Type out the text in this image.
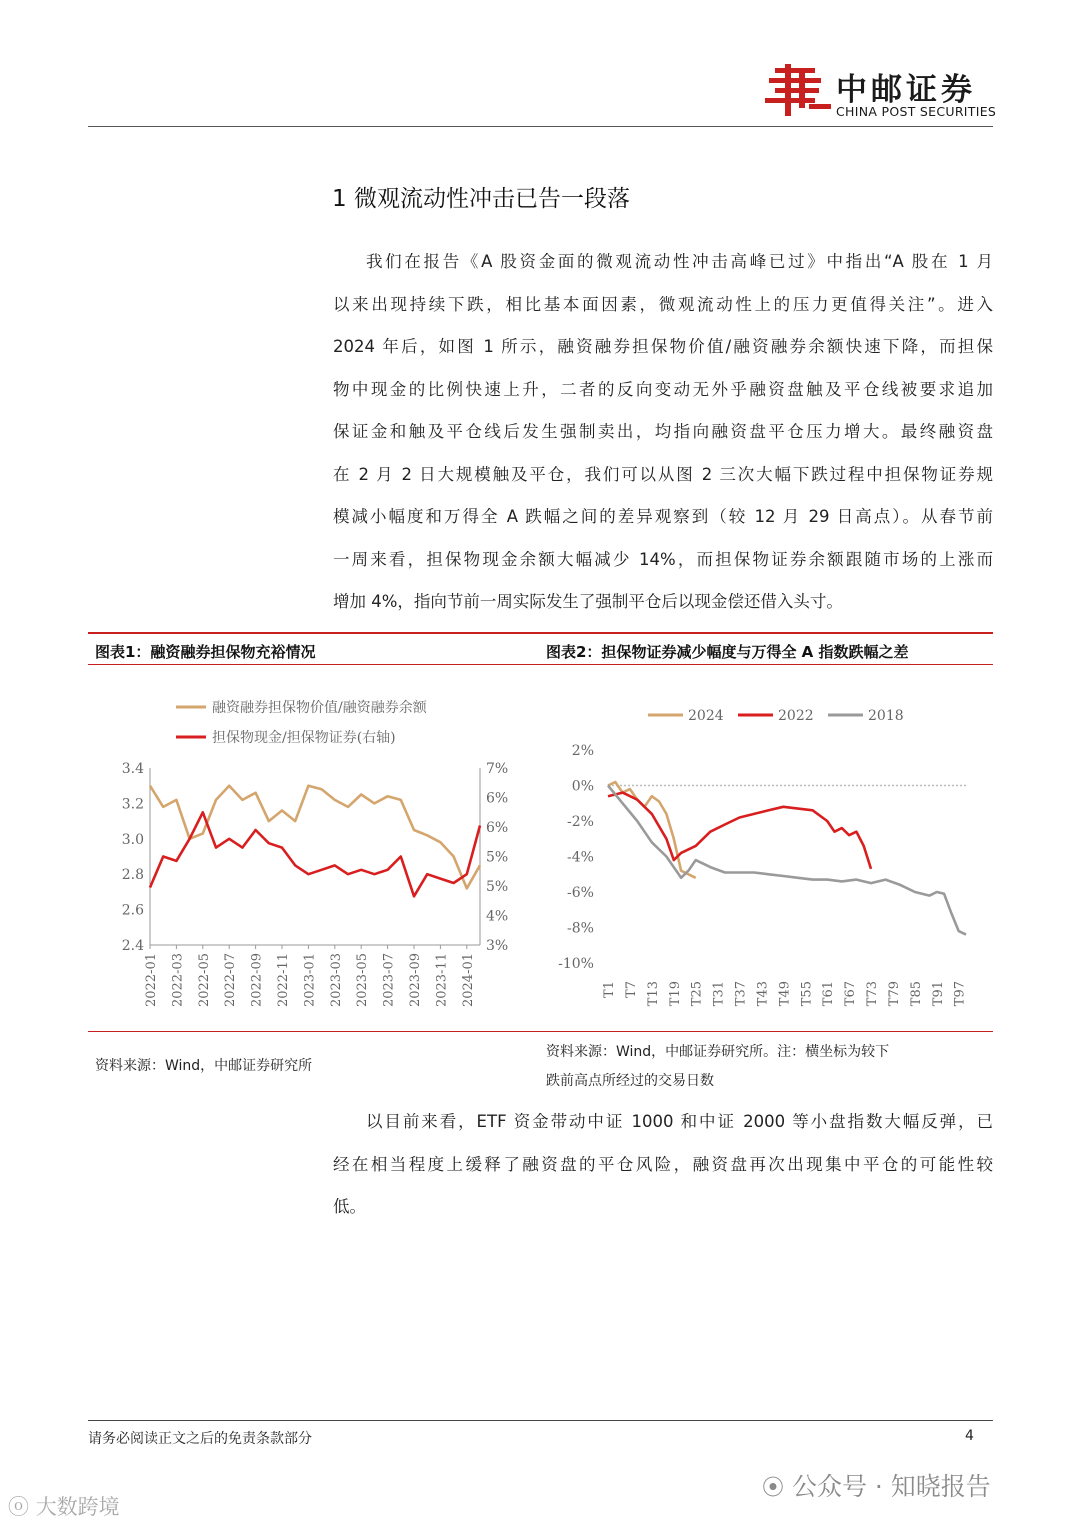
中邮证券
CHINA POST SECURITIES
1 微观流动性冲击已告一段落
我们在报告《A 股资金面的微观流动性冲击高峰已过》中指出“A 股在 1 月
以来出现持续下跌，相比基本面因素，微观流动性上的压力更值得关注”。进入
2024 年后，如图 1 所示，融资融券担保物价值/融资融券余额快速下降，而担保
物中现金的比例快速上升，二者的反向变动无外乎融资盘触及平仓线被要求追加
保证金和触及平仓线后发生强制卖出，均指向融资盘平仓压力增大。最终融资盘
在 2 月 2 日大规模触及平仓，我们可以从图 2 三次大幅下跌过程中担保物证券规
模减小幅度和万得全 A 跌幅之间的差异观察到（较 12 月 29 日高点）。从春节前
一周来看，担保物现金余额大幅减少 14%，而担保物证券余额跟随市场的上涨而
增加 4%，指向节前一周实际发生了强制平仓后以现金偿还借入头寸。
图表1：融资融券担保物充裕情况	图表2：担保物证券减少幅度与万得全 A 指数跌幅之差
融资融券担保物价值/融资融券余额
担保物现金/担保物证券(右轴)
2.4
2.6
2.8
3.0
3.2
3.4
3%
4%
5%
5%
6%
6%
7%
2022-01 2022-03 2022-05 2022-07 2022-09 2022-11 2023-01 2023-03 2023-05 2023-07 2023-09 2023-11 2024-01
2024	2022	2018
-10%
-8%
-6%
-4%
-2%
0%
2%
T1 T7 T13 T19 T25 T31 T37 T43 T49 T55 T61 T67 T73 T79 T85 T91 T97
资料来源：Wind，中邮证券研究所
资料来源：Wind，中邮证券研究所。注：横坐标为较下
跌前高点所经过的交易日数
以目前来看，ETF 资金带动中证 1000 和中证 2000 等小盘指数大幅反弹，已
经在相当程度上缓释了融资盘的平仓风险，融资盘再次出现集中平仓的可能性较
低。
请务必阅读正文之后的免责条款部分	4
⦿ 公众号 · 知晓报告
ⓞ 大数跨境
